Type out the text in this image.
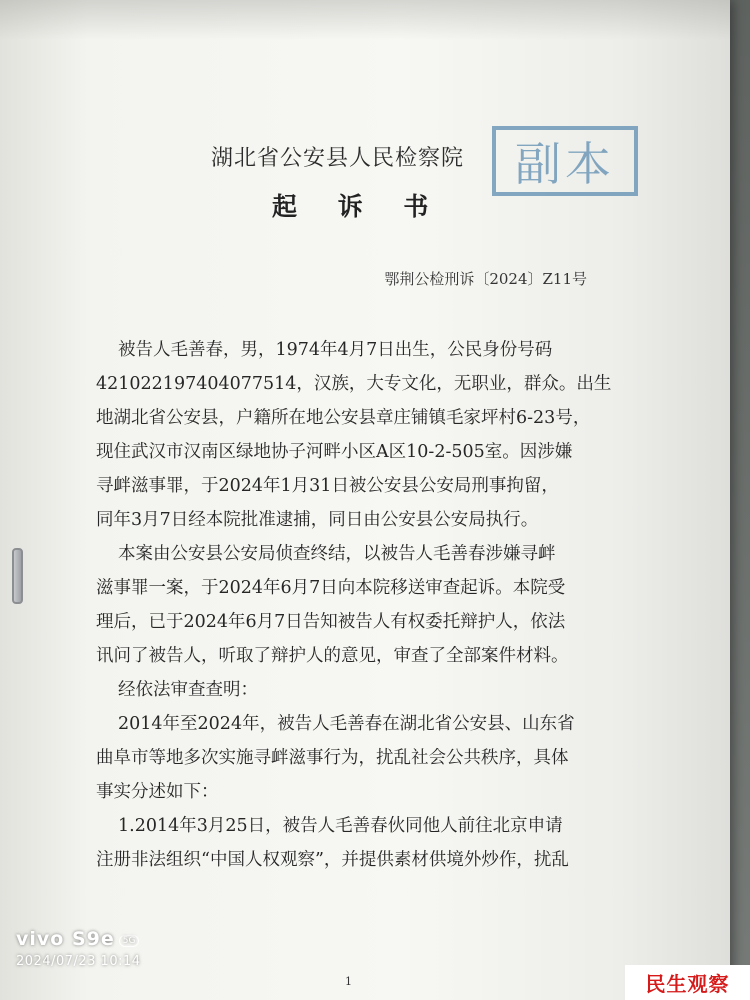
湖北省公安县人民检察院
起 诉 书
副本
鄂荆公检刑诉〔2024〕Z11号
被告人毛善春，男，1974年4月7日出生，公民身份号码
421022197404077514，汉族，大专文化，无职业，群众。出生
地湖北省公安县，户籍所在地公安县章庄铺镇毛家坪村6-23号，
现住武汉市汉南区绿地协子河畔小区A区10-2-505室。因涉嫌
寻衅滋事罪，于2024年1月31日被公安县公安局刑事拘留，
同年3月7日经本院批准逮捕，同日由公安县公安局执行。
本案由公安县公安局侦查终结，以被告人毛善春涉嫌寻衅
滋事罪一案，于2024年6月7日向本院移送审查起诉。本院受
理后，已于2024年6月7日告知被告人有权委托辩护人，依法
讯问了被告人，听取了辩护人的意见，审查了全部案件材料。
经依法审查查明：
2014年至2024年，被告人毛善春在湖北省公安县、山东省
曲阜市等地多次实施寻衅滋事行为，扰乱社会公共秩序，具体
事实分述如下：
1.2014年3月25日，被告人毛善春伙同他人前往北京申请
注册非法组织“中国人权观察”，并提供素材供境外炒作，扰乱
1
vivo S9e 5G
2024/07/23 10:14
民生观察
